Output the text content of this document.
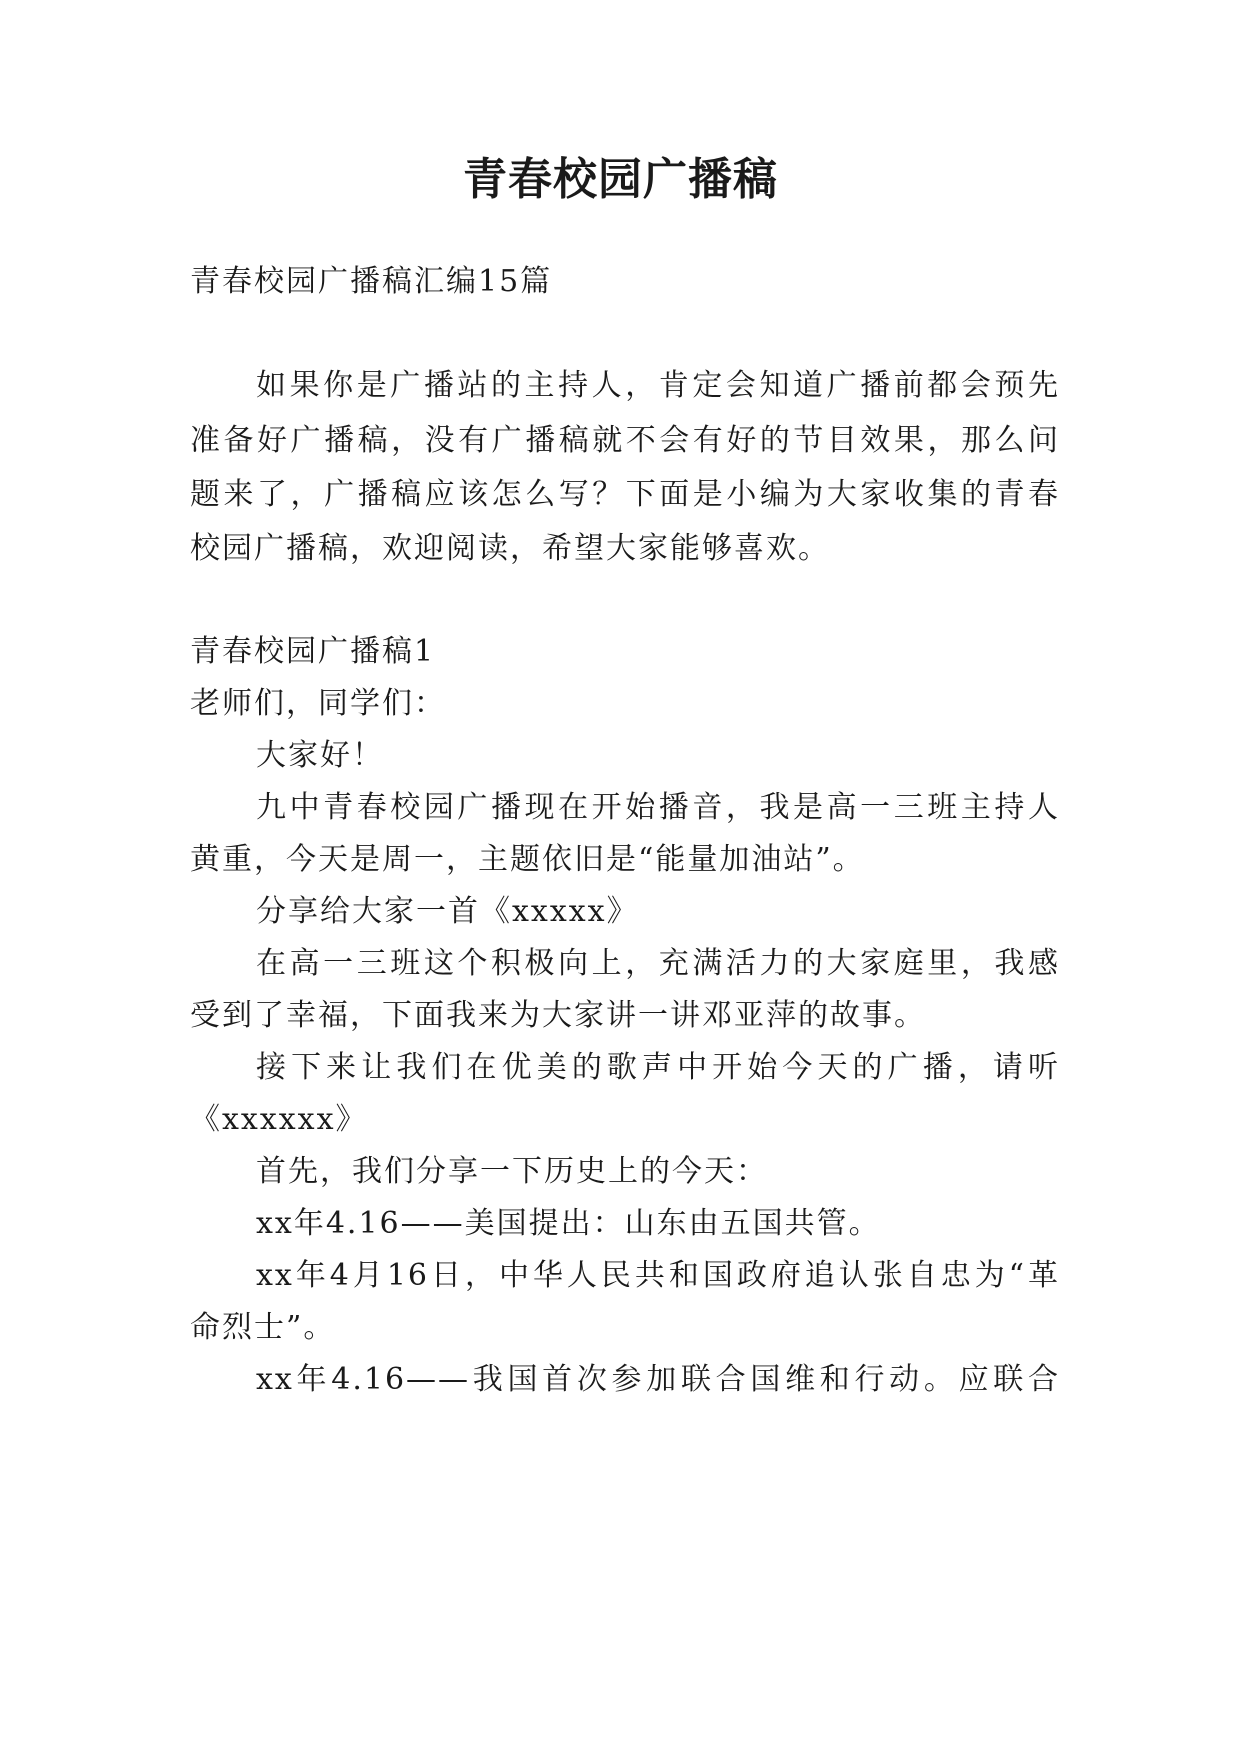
青春校园广播稿

青春校园广播稿汇编15篇

如果你是广播站的主持人，肯定会知道广播前都会预先

准备好广播稿，没有广播稿就不会有好的节目效果，那么问

题来了，广播稿应该怎么写？下面是小编为大家收集的青春

校园广播稿，欢迎阅读，希望大家能够喜欢。

青春校园广播稿1

老师们，同学们：

大家好！

九中青春校园广播现在开始播音，我是高一三班主持人

黄重，今天是周一，主题依旧是“能量加油站”。

分享给大家一首《xxxxx》

在高一三班这个积极向上，充满活力的大家庭里，我感

受到了幸福，下面我来为大家讲一讲邓亚萍的故事。

接下来让我们在优美的歌声中开始今天的广播，请听

《xxxxxx》

首先，我们分享一下历史上的今天：

xx年4.16——美国提出：山东由五国共管。

xx年4月16日，中华人民共和国政府追认张自忠为“革

命烈士”。

xx年4.16——我国首次参加联合国维和行动。应联合
